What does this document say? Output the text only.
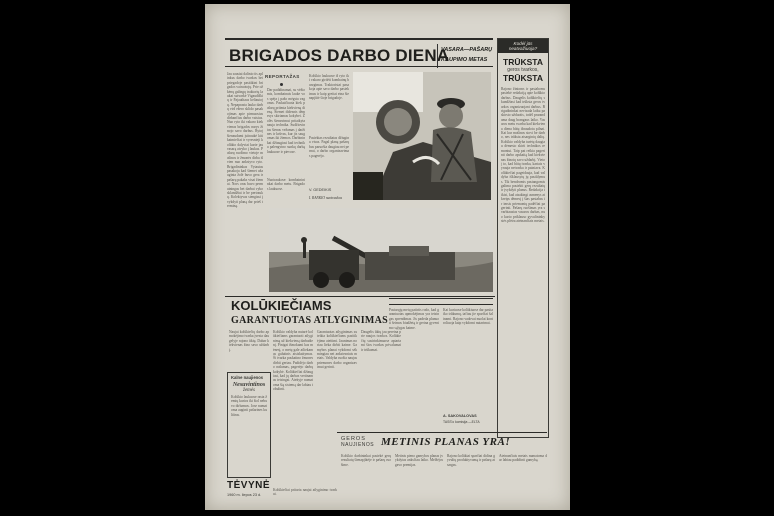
BRIGADOS DARBO DIENA
VASARA—PAŠARŲ
KAUPIMO METAS
REPORTAŽAS
Jau sausiai dalinio tis aplinkus darbo tvarkos bei priegadoje pasitikint brigados vairuotojų. Prie ožkėnų galingų traktorių laukai sutvarkė Vigaudiškių ir Pajauthaus keliautojų. Nepaprasta lauko darbų virš ežero sklido pasakojimas apie pirmuosius dirbančius darbo vaisius. Nuo ryto iki vakaro kiekvienas brigados narys žinojo savo darbus. Rytoj šienaudami įsitraukė kiti kaimiečiai ir vyresnieji kolūkio dalyviai kurie jau vasarą atvyko į laukus. Pašarų ruošimo vietoje mašinos ir žmonės dirba išvien nuo ankstyvo ryto. Brigadininkas Vytautas pasakoja kad šiemet užauginta žolė buvo gera ir pašarų pakaks visai žiemai. Nors oras buvo permainingas bet darbai vyko sklandžiai ir be pertraukų. Kolektyvas stengiasi įvykdyti planą dar prieš terminą.
Dar padidinamai, su vėžiomis, kombainais lauke vos spėja į pažo mėgsta vagonus. Paskaičiuota kiek pašarų priimta kiekvieną dieną. Šiemet didesnis dėmesys skiriamas kokybei. Žolės šienavimui pritaikyta nauja technika. Sudžiovintas šienas vežamas į daržines ir krūvas, kur jis saugomas iki žiemos. Darbininkai džiaugiasi kad technika palengvino sunkų darbą laukuose ir pievose.
Kolūkio laukuose iš ryto iki vakaro girdėti kombainų burzgimas. Traktoristai pasakoja apie savo darbo pasiekimus ir kaip greitai eina šienapjūtė šioje brigadoje.
Pasiektas rezultatas džiugina visus. Pagal planą pašarų bus paruošta daugiau nei pernai, o darbo organizavimas pagerėjo.
V. GEDEIKIS
Nuotraukose: kombainininkai darbo metu. Brigados laukuose.
I. RANKIO nuotraukos
Kodėl jūs neatvažiuoja?
TRŪKSTA
geros tvarkos,
TRŪKSTA
Rajono žinioms ir pastaboms pasiekė redakciją apie kolūkio darbus. Daugelis kolūkiečių skundžiasi kad trūksta geros tvarkos organizuojant darbus. Brigadininkai nevisada laiku paskirsto užduotis, todėl prarandama daug brangaus laiko. Vasaros metu svarbu kad kiekviena diena būtų išnaudota pilnai. Kai kur mašinos stovi be darbo, nes trūksta atsarginių dalių. Kolūkio valdyba turėtų daugiau dėmesio skirti technikos remontui. Taip pat reikia pagerinti darbo apskaitą kad kiekvienas žinotų savo uždarbį. Vietoj to, kad būtų tvarka, kartais vyrauja netvarka ir painiava. Kolūkiečiai pageidauja, kad valdyba išklausytų jų pasiūlymus. Tik bendromis pastangomis galima pasiekti gerų rezultatų ir įvykdyti planus. Redakcija tikisi, kad atsakingi asmenys atkreips dėmesį į šias pastabas ir imsis priemonių padėčiai pagerinti. Pašarų ruošimas yra svarbiausias vasaros darbas, nuo kurio priklauso gyvulininkystės plėtra ateinančiais metais.
KOLŪKIEČIAMS
GARANTUOTAS ATLYGINIMAS
Naujai kolūkiečių darbo apmokėjimo tvarka įvesta daugelyje rajono ūkių. Dabar kiekvienas žino savo uždarbį.
Kalne naujienos
Nesuvintinos
žemės
Kolūkio laukuose rasta žemių kurios iki šiol nebuvo dirbamos. Jose numatoma auginti pašarines kultūras.
Kolūkio valdyba nutarė kolūkiečiams garantuoti atlyginimą už kiekvieną darbadienį. Pinigai išmokami kas mėnesį, o metų gale atliekamas galutinis atsiskaitymas. Ši tvarka paskatino žmones dirbti geriau. Padidėjo darbo našumas, pagerėjo darbų kokybė. Kolūkiečiai džiaugiasi, kad jų darbas vertinamas teisingai. Ateityje numatoma šią sistemą dar labiau tobulinti.
Garantuotas atlyginimas suteikia kolūkiečiams pasitikėjimo ateitimi. Jaunimas noriau lieka dirbti kaime. Gamybos planai vykdomi sėkmingiau nei ankstesniais metais. Valdyba ruošia naujas priemones darbo organizavimui gerinti.
Daugelis ūkių jau pereina prie naujos tvarkos. Kolūkiečių susirinkimuose aptariami šios tvarkos privalumai ir trūkumai.
Pastarųjų metų patirtis rodo, kad garantuotas apmokėjimas yra teisingas sprendimas. Jis padeda planuoti šeimos biudžetą ir gerina gyvenimo sąlygas kaime.
Kai kuriuose kolūkiuose dar pasitaiko trūkumų, tačiau jie sparčiai šalinami. Rajono vadovai nuolat kontroliuoja kaip vykdomi nutarimai.
A. SAKOVALOVAS
TASS'o komisija —ELTA
GEROS
NAUJIENOS METINIS PLANAS YRA!
Kolūkio darbininkai pasiekė gerų rezultatų šienapjūtėje ir pašarų ruošime.
Metinis pieno gamybos planas įvykdytas anksčiau laiko. Melžėjos gavo premijas.
Rajono kolūkiai sparčiai didina gyvulių produktyvumą ir pašarų atsargas.
Ateinančiais metais numatoma dar labiau padidinti gamybą.
TĖVYNĖ
1960 m. liepos 23 d.
Kolūkiečiai pritaria naujai atlyginimo tvarkai.
